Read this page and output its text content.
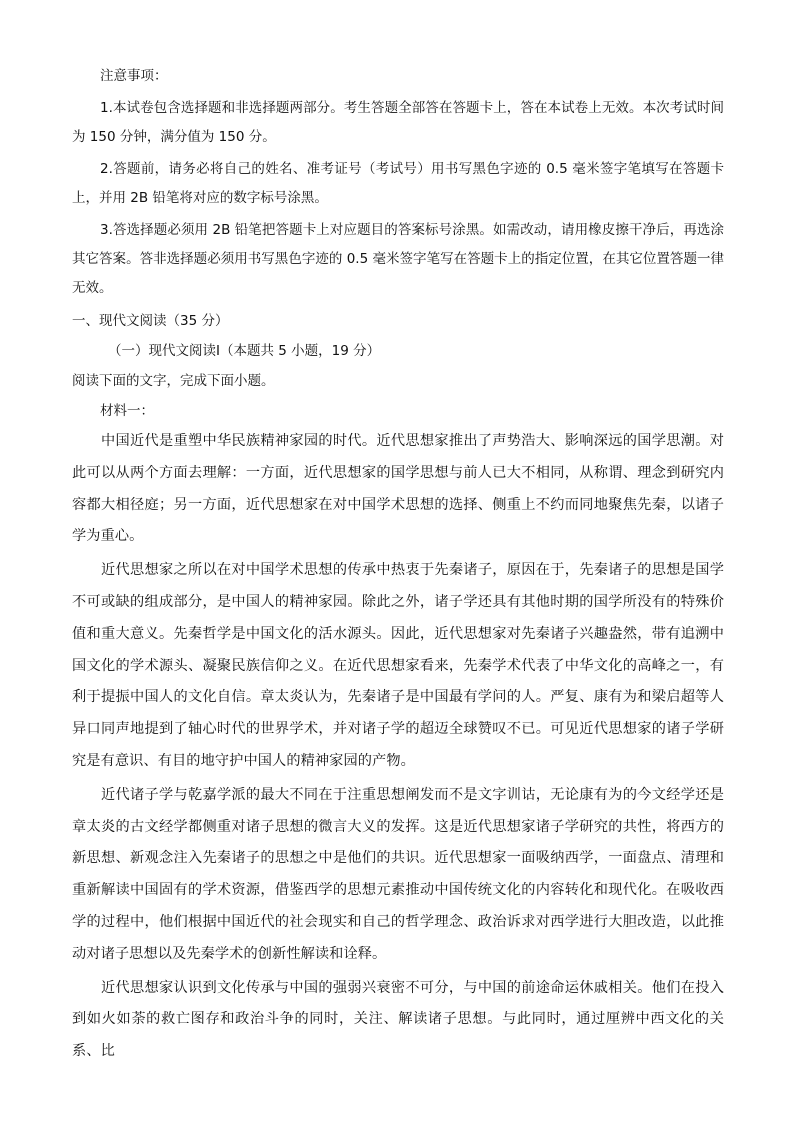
注意事项：

1.本试卷包含选择题和非选择题两部分。考生答题全部答在答题卡上，答在本试卷上无效。本次考试时间为 150 分钟，满分值为 150 分。

2.答题前，请务必将自己的姓名、准考证号（考试号）用书写黑色字迹的 0.5 毫米签字笔填写在答题卡上，并用 2B 铅笔将对应的数字标号涂黑。

3.答选择题必须用 2B 铅笔把答题卡上对应题目的答案标号涂黑。如需改动，请用橡皮擦干净后，再选涂其它答案。答非选择题必须用书写黑色字迹的 0.5 毫米签字笔写在答题卡上的指定位置，在其它位置答题一律无效。

一、现代文阅读（35 分）

（一）现代文阅读Ⅰ（本题共 5 小题，19 分）

阅读下面的文字，完成下面小题。

材料一：

中国近代是重塑中华民族精神家园的时代。近代思想家推出了声势浩大、影响深远的国学思潮。对此可以从两个方面去理解：一方面，近代思想家的国学思想与前人已大不相同，从称谓、理念到研究内容都大相径庭；另一方面，近代思想家在对中国学术思想的选择、侧重上不约而同地聚焦先秦，以诸子学为重心。

近代思想家之所以在对中国学术思想的传承中热衷于先秦诸子，原因在于，先秦诸子的思想是国学不可或缺的组成部分，是中国人的精神家园。除此之外，诸子学还具有其他时期的国学所没有的特殊价值和重大意义。先秦哲学是中国文化的活水源头。因此，近代思想家对先秦诸子兴趣盎然，带有追溯中国文化的学术源头、凝聚民族信仰之义。在近代思想家看来，先秦学术代表了中华文化的高峰之一，有利于提振中国人的文化自信。章太炎认为，先秦诸子是中国最有学问的人。严复、康有为和梁启超等人异口同声地提到了轴心时代的世界学术，并对诸子学的超迈全球赞叹不已。可见近代思想家的诸子学研究是有意识、有目的地守护中国人的精神家园的产物。

近代诸子学与乾嘉学派的最大不同在于注重思想阐发而不是文字训诂，无论康有为的今文经学还是章太炎的古文经学都侧重对诸子思想的微言大义的发挥。这是近代思想家诸子学研究的共性，将西方的新思想、新观念注入先秦诸子的思想之中是他们的共识。近代思想家一面吸纳西学，一面盘点、清理和重新解读中国固有的学术资源，借鉴西学的思想元素推动中国传统文化的内容转化和现代化。在吸收西学的过程中，他们根据中国近代的社会现实和自己的哲学理念、政治诉求对西学进行大胆改造，以此推动对诸子思想以及先秦学术的创新性解读和诠释。

近代思想家认识到文化传承与中国的强弱兴衰密不可分，与中国的前途命运休戚相关。他们在投入到如火如荼的救亡图存和政治斗争的同时，关注、解读诸子思想。与此同时，通过厘辨中西文化的关系、比
